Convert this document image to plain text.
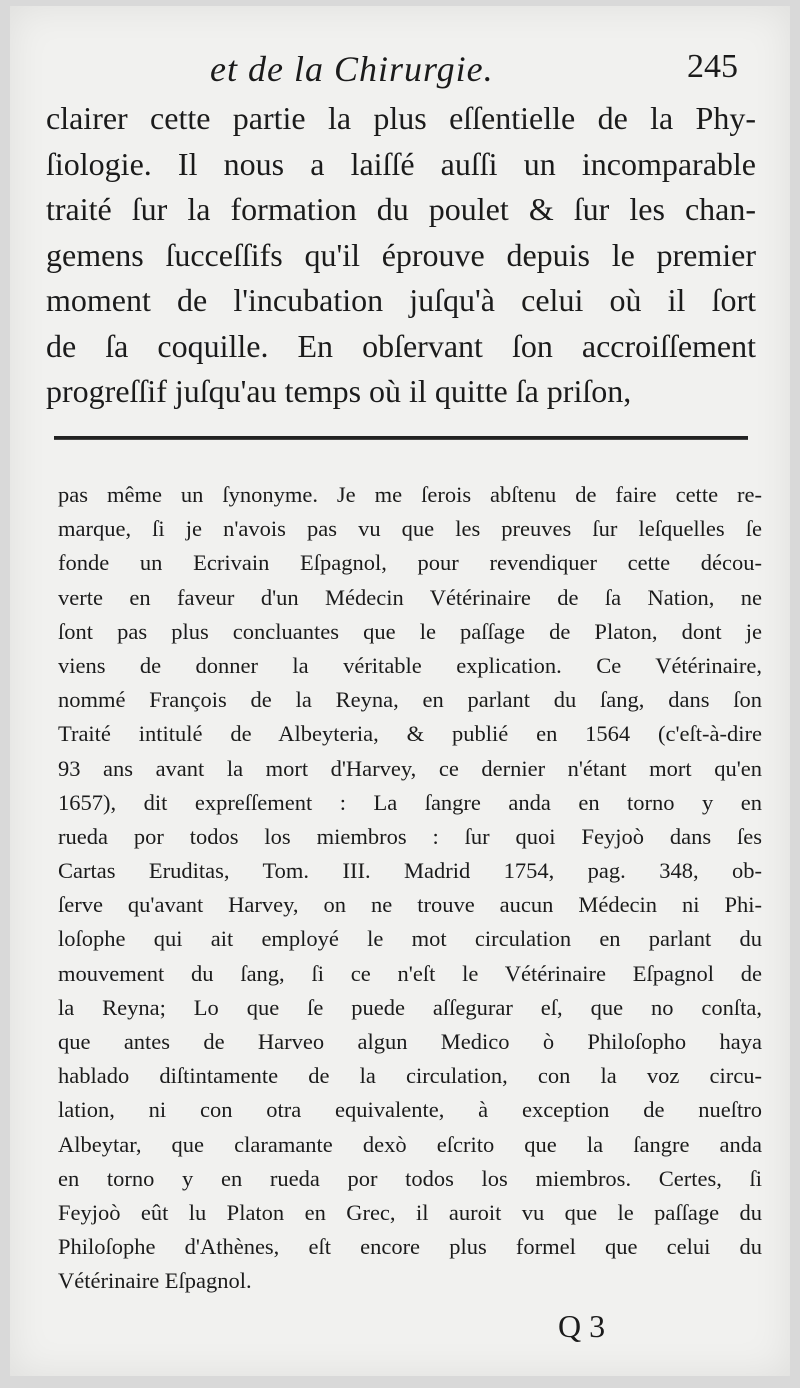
et de la Chirurgie.	245
clairer cette partie la plus eſſentielle de la Phy-
ſiologie. Il nous a laiſſé auſſi un incomparable
traité ſur la formation du poulet & ſur les chan-
gemens ſucceſſifs qu'il éprouve depuis le premier
moment de l'incubation juſqu'à celui où il ſort
de ſa coquille. En obſervant ſon accroiſſement
progreſſif juſqu'au temps où il quitte ſa priſon,
pas même un ſynonyme. Je me ſerois abſtenu de faire cette re-
marque, ſi je n'avois pas vu que les preuves ſur leſquelles ſe
fonde un Ecrivain Eſpagnol, pour revendiquer cette décou-
verte en faveur d'un Médecin Vétérinaire de ſa Nation, ne
ſont pas plus concluantes que le paſſage de Platon, dont je
viens de donner la véritable explication. Ce Vétérinaire,
nommé François de la Reyna, en parlant du ſang, dans ſon
Traité intitulé de Albeyteria, & publié en 1564 (c'eſt-à-dire
93 ans avant la mort d'Harvey, ce dernier n'étant mort qu'en
1657), dit expreſſement : La ſangre anda en torno y en
rueda por todos los miembros : ſur quoi Feyjoò dans ſes
Cartas Eruditas, Tom. III. Madrid 1754, pag. 348, ob-
ſerve qu'avant Harvey, on ne trouve aucun Médecin ni Phi-
loſophe qui ait employé le mot circulation en parlant du
mouvement du ſang, ſi ce n'eſt le Vétérinaire Eſpagnol de
la Reyna; Lo que ſe puede aſſegurar eſ, que no conſta,
que antes de Harveo algun Medico ò Philoſopho haya
hablado diſtintamente de la circulation, con la voz circu-
lation, ni con otra equivalente, à exception de nueſtro
Albeytar, que claramante dexò eſcrito que la ſangre anda
en torno y en rueda por todos los miembros. Certes, ſi
Feyjoò eût lu Platon en Grec, il auroit vu que le paſſage du
Philoſophe d'Athènes, eſt encore plus formel que celui du
Vétérinaire Eſpagnol.
Q 3
